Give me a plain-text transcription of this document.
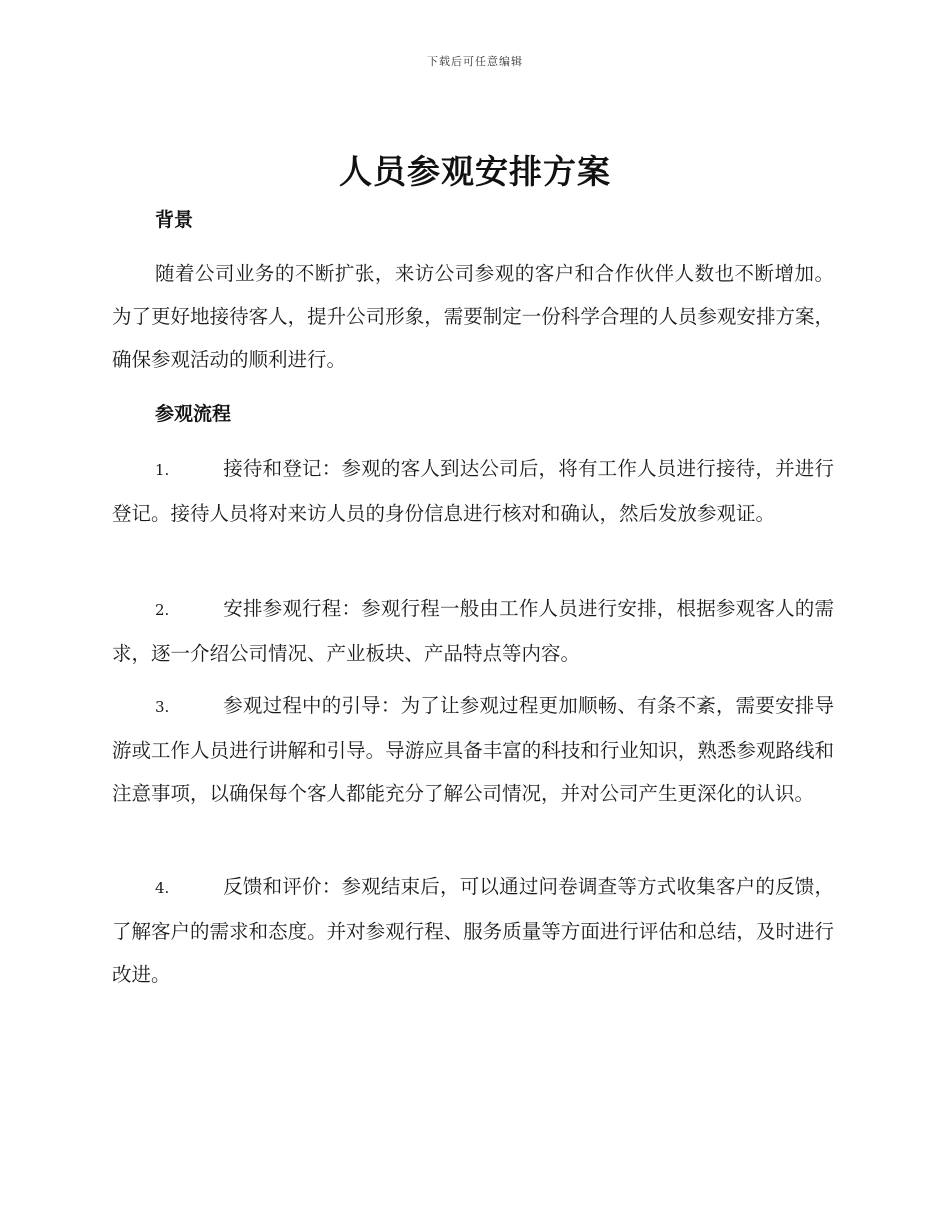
下载后可任意编辑
人员参观安排方案
背景

随着公司业务的不断扩张，来访公司参观的客户和合作伙伴人数也不断增加。为了更好地接待客人，提升公司形象，需要制定一份科学合理的人员参观安排方案，确保参观活动的顺利进行。

参观流程

1.	接待和登记：参观的客人到达公司后，将有工作人员进行接待，并进行登记。接待人员将对来访人员的身份信息进行核对和确认，然后发放参观证。

2.	安排参观行程：参观行程一般由工作人员进行安排，根据参观客人的需求，逐一介绍公司情况、产业板块、产品特点等内容。

3.	参观过程中的引导：为了让参观过程更加顺畅、有条不紊，需要安排导游或工作人员进行讲解和引导。导游应具备丰富的科技和行业知识，熟悉参观路线和注意事项，以确保每个客人都能充分了解公司情况，并对公司产生更深化的认识。

4.	反馈和评价：参观结束后，可以通过问卷调查等方式收集客户的反馈，了解客户的需求和态度。并对参观行程、服务质量等方面进行评估和总结，及时进行改进。
